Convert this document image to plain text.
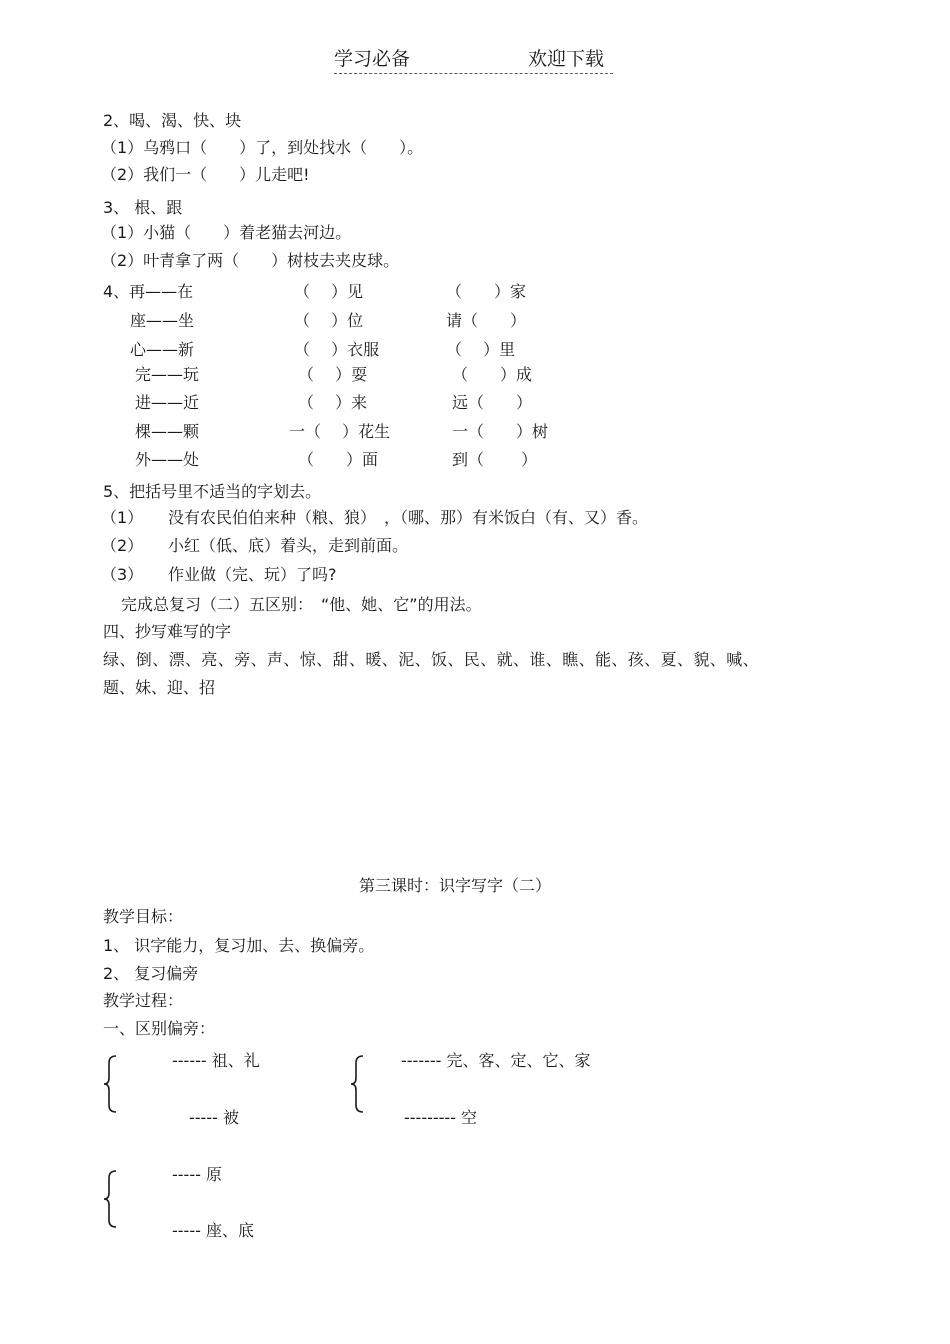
学习必备	欢迎下载
2、喝、渴、快、块
（1）乌鸦口（　　）了，到处找水（　　）。
（2）我们一（　　）儿走吧!
3、 根、跟
（1）小猫（　　）着老猫去河边。
（2）叶青拿了两（　　）树枝去夹皮球。
4、再——在	（　 ）见	（　　）家
座——坐	（　 ）位	请（　　）
心——新	（　 ）衣服	（　 ）里
完——玩	（　 ）耍	（　　）成
进——近	（　 ）来	远（　　）
棵——颗	一（　 ）花生	一（　　）树
外——处	（　　）面	到（　　 ）
5、把括号里不适当的字划去。
（1） 没有农民伯伯来种（粮、狼）　，（哪、那）有米饭白（有、又）香。
（2） 小红（低、底）着头，走到前面。
（3） 作业做（完、玩）了吗?
完成总复习（二）五区别：　“他、她、它”的用法。
四、抄写难写的字
绿、倒、漂、亮、旁、声、惊、甜、暖、泥、饭、民、就、谁、瞧、能、孩、夏、貌、喊、
题、妹、迎、招
第三课时：识字写字（二）
教学目标：
1、 识字能力，复习加、去、换偏旁。
2、 复习偏旁
教学过程：
一、区别偏旁：
------ 祖、礼
----- 被
------- 完、客、定、它、家
--------- 空
----- 原
----- 座、底
